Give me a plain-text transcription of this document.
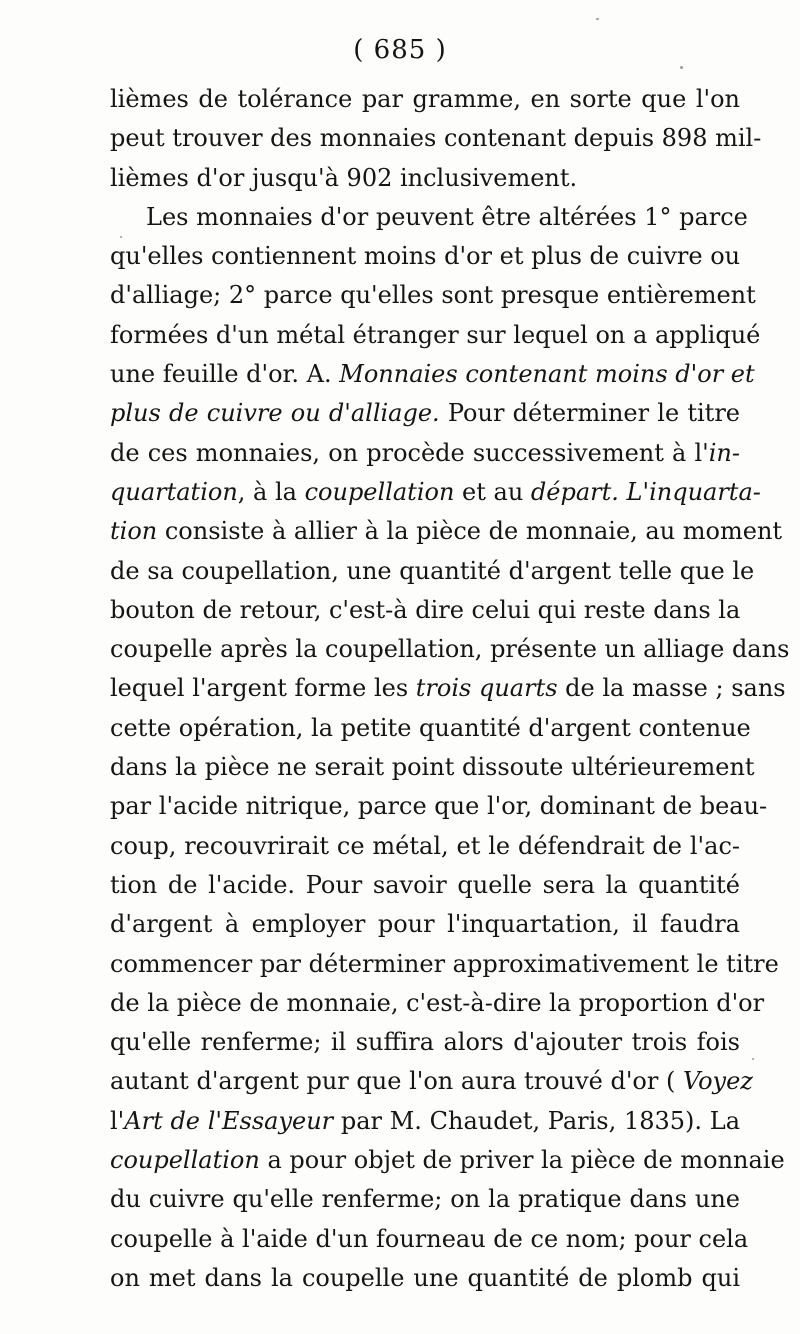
( 685 )
lièmes de tolérance par gramme, en sorte que l'on
peut trouver des monnaies contenant depuis 898 mil-
lièmes d'or jusqu'à 902 inclusivement.
Les monnaies d'or peuvent être altérées 1° parce
qu'elles contiennent moins d'or et plus de cuivre ou
d'alliage; 2° parce qu'elles sont presque entièrement
formées d'un métal étranger sur lequel on a appliqué
une feuille d'or. A. Monnaies contenant moins d'or et
plus de cuivre ou d'alliage. Pour déterminer le titre
de ces monnaies, on procède successivement à l'in-
quartation, à la coupellation et au départ. L'inquarta-
tion consiste à allier à la pièce de monnaie, au moment
de sa coupellation, une quantité d'argent telle que le
bouton de retour, c'est-à dire celui qui reste dans la
coupelle après la coupellation, présente un alliage dans
lequel l'argent forme les trois quarts de la masse ; sans
cette opération, la petite quantité d'argent contenue
dans la pièce ne serait point dissoute ultérieurement
par l'acide nitrique, parce que l'or, dominant de beau-
coup, recouvrirait ce métal, et le défendrait de l'ac-
tion de l'acide. Pour savoir quelle sera la quantité
d'argent à employer pour l'inquartation, il faudra
commencer par déterminer approximativement le titre
de la pièce de monnaie, c'est-à-dire la proportion d'or
qu'elle renferme; il suffira alors d'ajouter trois fois
autant d'argent pur que l'on aura trouvé d'or ( Voyez
l'Art de l'Essayeur par M. Chaudet, Paris, 1835). La
coupellation a pour objet de priver la pièce de monnaie
du cuivre qu'elle renferme; on la pratique dans une
coupelle à l'aide d'un fourneau de ce nom; pour cela
on met dans la coupelle une quantité de plomb qui
